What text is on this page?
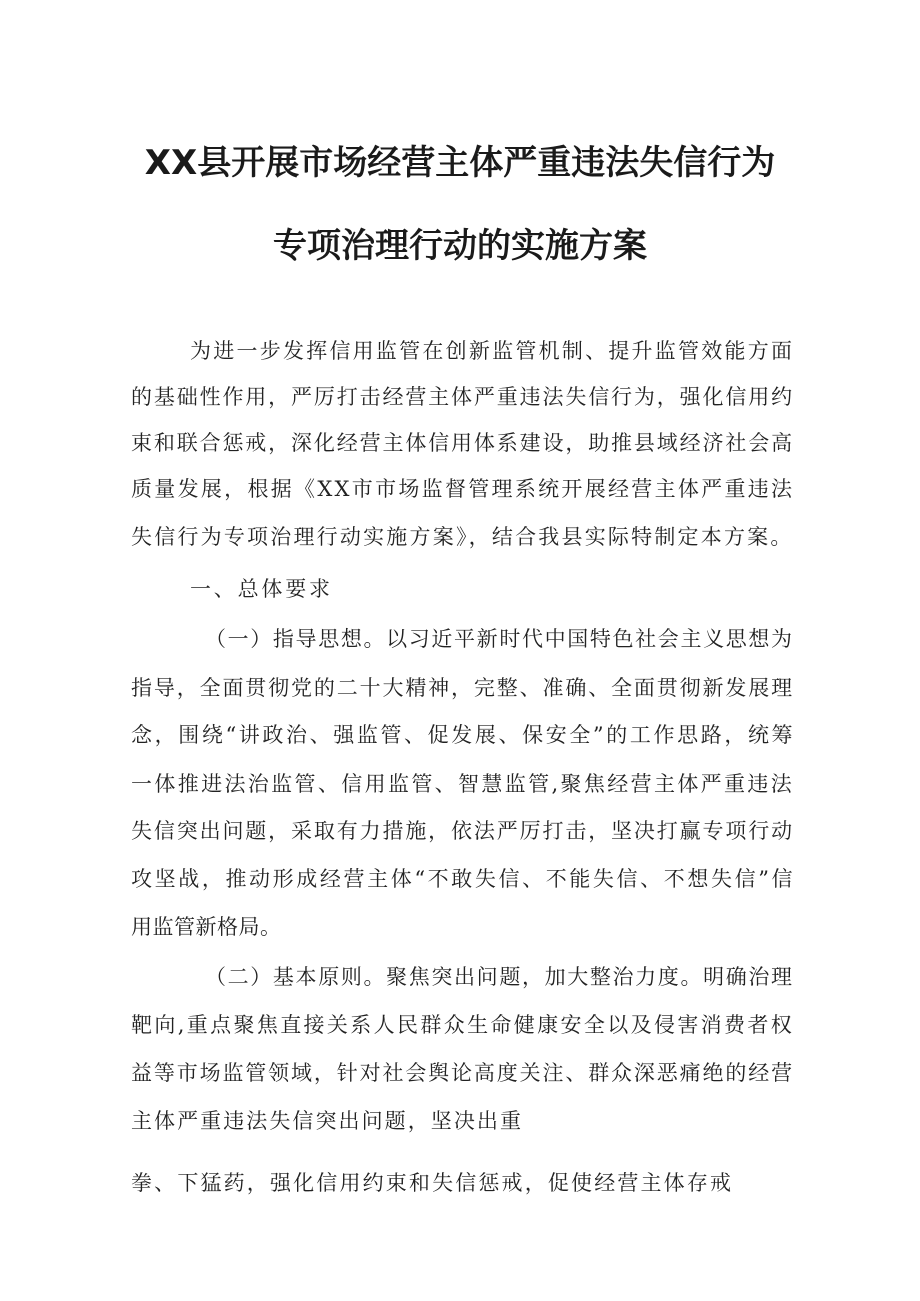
XX县开展市场经营主体严重违法失信行为
专项治理行动的实施方案
为进一步发挥信用监管在创新监管机制、提升监管效能方面
的基础性作用，严厉打击经营主体严重违法失信行为，强化信用约
束和联合惩戒，深化经营主体信用体系建设，助推县域经济社会高
质量发展，根据《XX市市场监督管理系统开展经营主体严重违法
失信行为专项治理行动实施方案》，结合我县实际特制定本方案。
一、总体要求
（一）指导思想。以习近平新时代中国特色社会主义思想为
指导，全面贯彻党的二十大精神，完整、准确、全面贯彻新发展理
念，围绕“讲政治、强监管、促发展、保安全”的工作思路，统筹
一体推进法治监管、信用监管、智慧监管,聚焦经营主体严重违法
失信突出问题，采取有力措施，依法严厉打击，坚决打赢专项行动
攻坚战，推动形成经营主体“不敢失信、不能失信、不想失信”信
用监管新格局。
（二）基本原则。聚焦突出问题，加大整治力度。明确治理
靶向,重点聚焦直接关系人民群众生命健康安全以及侵害消费者权
益等市场监管领域，针对社会舆论高度关注、群众深恶痛绝的经营
主体严重违法失信突出问题，坚决出重
拳、下猛药，强化信用约束和失信惩戒，促使经营主体存戒
